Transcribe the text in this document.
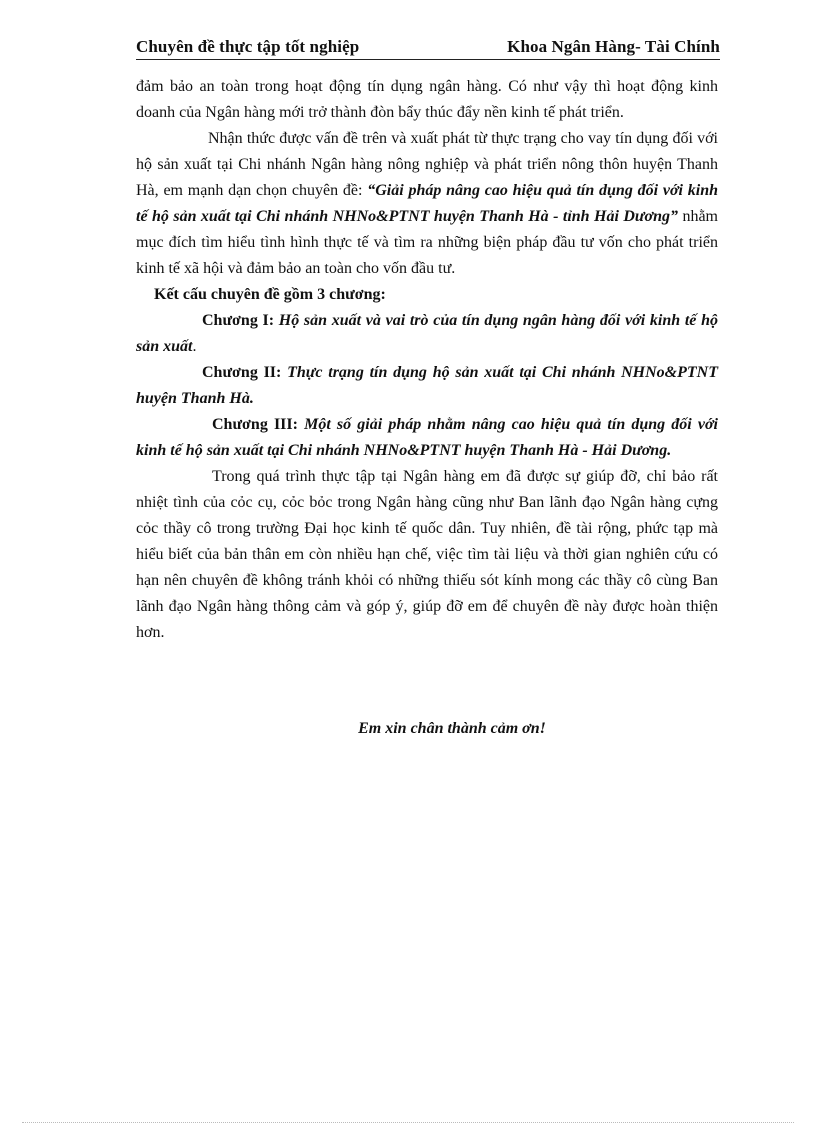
Chuyên đề thực tập tốt nghiệp	Khoa Ngân Hàng- Tài Chính

đảm bảo an toàn trong hoạt động tín dụng ngân hàng. Có như vậy thì hoạt động kinh doanh của Ngân hàng mới trở thành đòn bẩy thúc đẩy nền kinh tế phát triển.

Nhận thức được vấn đề trên và xuất phát từ thực trạng cho vay tín dụng đối với hộ sản xuất tại Chi nhánh Ngân hàng nông nghiệp và phát triển nông thôn huyện Thanh Hà, em mạnh dạn chọn chuyên đề: “Giải pháp nâng cao hiệu quả tín dụng đối với kinh tế hộ sản xuất tại Chi nhánh NHNo&PTNT huyện Thanh Hà - tỉnh Hải Dương” nhằm mục đích tìm hiểu tình hình thực tế và tìm ra những biện pháp đầu tư vốn cho phát triển kinh tế xã hội và đảm bảo an toàn cho vốn đầu tư.

Kết cấu chuyên đề gồm 3 chương:

Chương I: Hộ sản xuất và vai trò của tín dụng ngân hàng đối với kinh tế hộ sản xuất.

Chương II: Thực trạng tín dụng hộ sản xuất tại Chi nhánh NHNo&PTNT huyện Thanh Hà.

Chương III: Một số giải pháp nhằm nâng cao hiệu quả tín dụng đối với kinh tế hộ sản xuất tại Chi nhánh NHNo&PTNT huyện Thanh Hà - Hải Dương.

Trong quá trình thực tập tại Ngân hàng em đã được sự giúp đỡ, chỉ bảo rất nhiệt tình của cỏc cụ, cỏc bỏc trong Ngân hàng cũng như Ban lãnh đạo Ngân hàng cựng cỏc thầy cô trong trường Đại học kinh tế quốc dân. Tuy nhiên, đề tài rộng, phức tạp mà hiểu biết của bản thân em còn nhiều hạn chế, việc tìm tài liệu và thời gian nghiên cứu có hạn nên chuyên đề không tránh khỏi có những thiếu sót kính mong các thầy cô cùng Ban lãnh đạo Ngân hàng thông cảm và góp ý, giúp đỡ em để chuyên đề này được hoàn thiện hơn.

Em xin chân thành cảm ơn!
